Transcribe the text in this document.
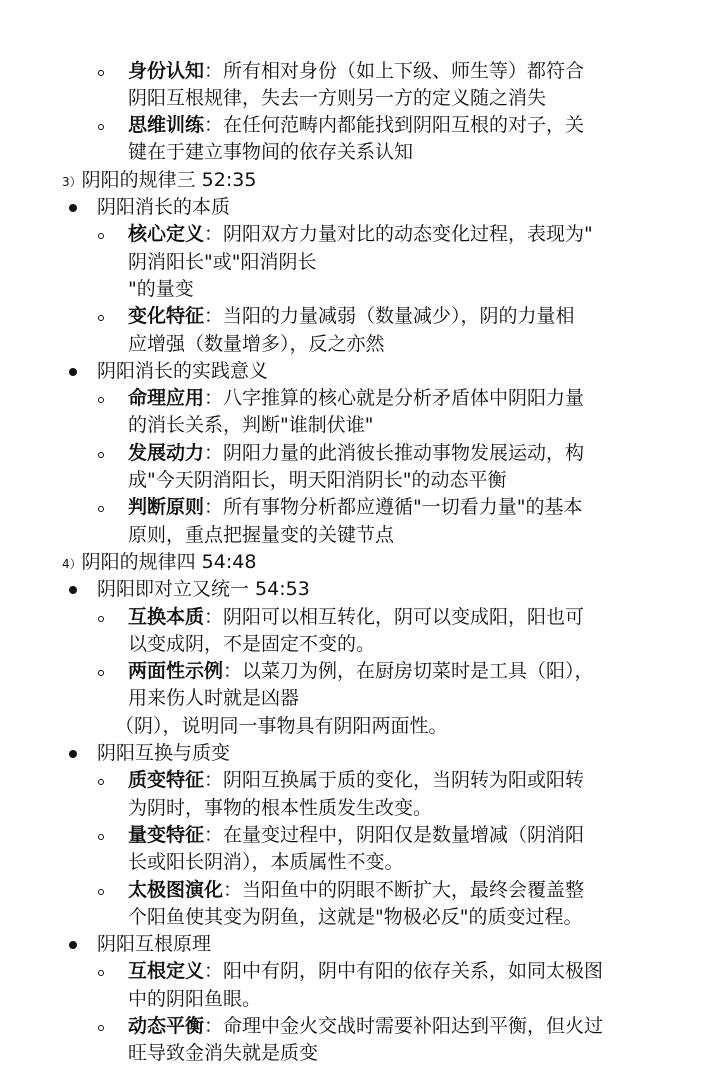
身份认知：所有相对身份（如上下级、师生等）都符合
阴阳互根规律，失去一方则另一方的定义随之消失
思维训练：在任何范畴内都能找到阴阳互根的对子，关
键在于建立事物间的依存关系认知
3）阴阳的规律三 52:35
阴阳消长的本质
核心定义：阴阳双方力量对比的动态变化过程，表现为"
阴消阳长"或"阳消阴长
"的量变
变化特征：当阳的力量减弱（数量减少），阴的力量相
应增强（数量增多），反之亦然
阴阳消长的实践意义
命理应用：八字推算的核心就是分析矛盾体中阴阳力量
的消长关系，判断"谁制伏谁"
发展动力：阴阳力量的此消彼长推动事物发展运动，构
成"今天阴消阳长，明天阳消阴长"的动态平衡
判断原则：所有事物分析都应遵循"一切看力量"的基本
原则，重点把握量变的关键节点
4）阴阳的规律四 54:48
阴阳即对立又统一 54:53
互换本质：阴阳可以相互转化，阴可以变成阳，阳也可
以变成阴，不是固定不变的。
两面性示例：以菜刀为例，在厨房切菜时是工具（阳），
用来伤人时就是凶器
（阴），说明同一事物具有阴阳两面性。
阴阳互换与质变
质变特征：阴阳互换属于质的变化，当阴转为阳或阳转
为阴时，事物的根本性质发生改变。
量变特征：在量变过程中，阴阳仅是数量增减（阴消阳
长或阳长阴消），本质属性不变。
太极图演化：当阳鱼中的阴眼不断扩大，最终会覆盖整
个阳鱼使其变为阴鱼，这就是"物极必反"的质变过程。
阴阳互根原理
互根定义：阳中有阴，阴中有阳的依存关系，如同太极图
中的阴阳鱼眼。
动态平衡：命理中金火交战时需要补阳达到平衡，但火过
旺导致金消失就是质变
